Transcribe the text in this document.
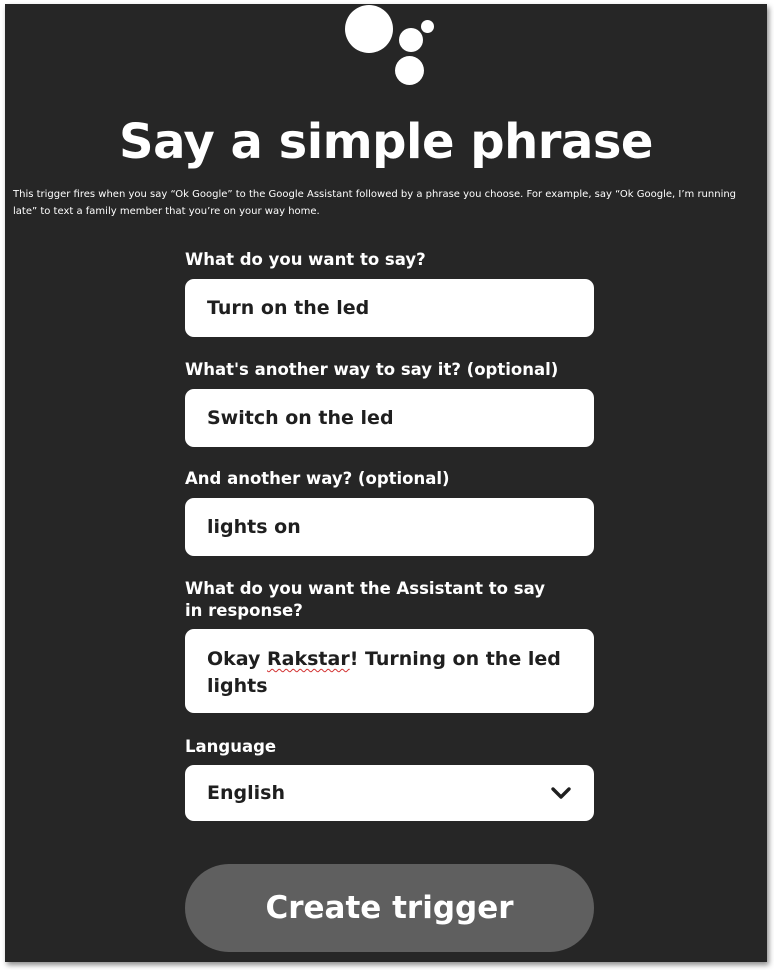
Say a simple phrase
This trigger fires when you say “Ok Google” to the Google Assistant followed by a phrase you choose. For example, say “Ok Google, I’m running late” to text a family member that you’re on your way home.
What do you want to say?
Turn on the led
What's another way to say it? (optional)
Switch on the led
And another way? (optional)
lights on
What do you want the Assistant to say in response?
Okay Rakstar! Turning on the led lights
Language
English
Create trigger
